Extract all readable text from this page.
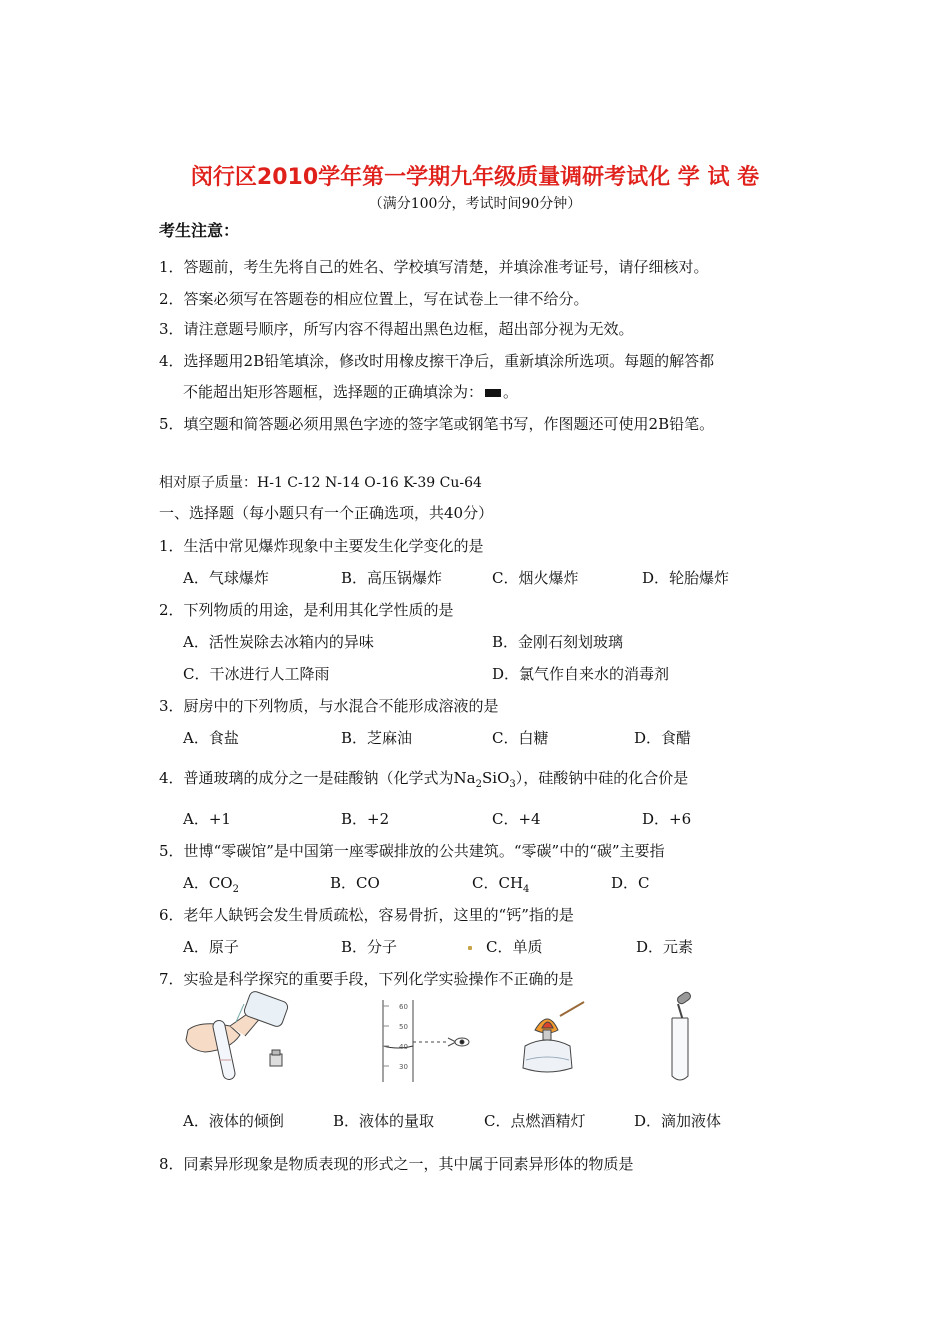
闵行区2010学年第一学期九年级质量调研考试化 学 试 卷
（满分100分，考试时间90分钟）
考生注意：
1．答题前，考生先将自己的姓名、学校填写清楚，并填涂准考证号，请仔细核对。
2．答案必须写在答题卷的相应位置上，写在试卷上一律不给分。
3．请注意题号顺序，所写内容不得超出黑色边框，超出部分视为无效。
4．选择题用2B铅笔填涂，修改时用橡皮擦干净后，重新填涂所选项。每题的解答都
不能超出矩形答题框，选择题的正确填涂为： 。
5．填空题和简答题必须用黑色字迹的签字笔或钢笔书写，作图题还可使用2B铅笔。
相对原子质量：H-1 C-12 N-14 O-16 K-39 Cu-64
一、选择题（每小题只有一个正确选项，共40分）
1．生活中常见爆炸现象中主要发生化学变化的是
A．气球爆炸	B．高压锅爆炸	C．烟火爆炸	D．轮胎爆炸
2．下列物质的用途，是利用其化学性质的是
A．活性炭除去冰箱内的异味	B．金刚石刻划玻璃
C．干冰进行人工降雨	D．氯气作自来水的消毒剂
3．厨房中的下列物质，与水混合不能形成溶液的是
A．食盐	B．芝麻油	C．白糖	D．食醋
4．普通玻璃的成分之一是硅酸钠（化学式为$Na_2SiO_3$），硅酸钠中硅的化合价是
A．+1	B．+2	C．+4	D．+6
5．世博“零碳馆”是中国第一座零碳排放的公共建筑。“零碳”中的“碳”主要指
A．$CO_2$	B．CO	C．$CH_4$	D．C
6．老年人缺钙会发生骨质疏松，容易骨折，这里的“钙”指的是
A．原子	B．分子	C．单质	D．元素
7．实验是科学探究的重要手段，下列化学实验操作不正确的是
60
50
40
30
A．液体的倾倒	B．液体的量取	C．点燃酒精灯	D．滴加液体
8．同素异形现象是物质表现的形式之一，其中属于同素异形体的物质是
